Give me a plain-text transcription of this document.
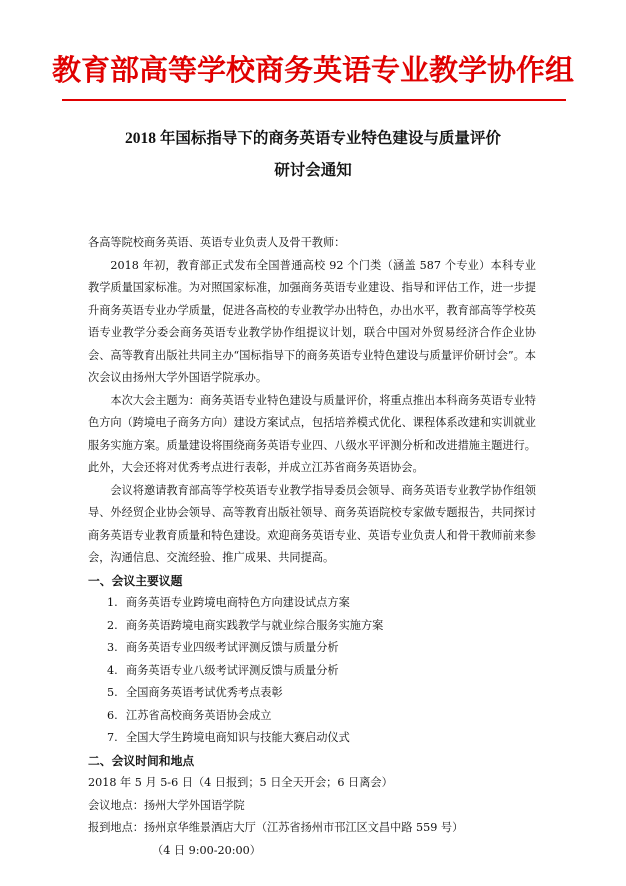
教育部高等学校商务英语专业教学协作组
2018 年国标指导下的商务英语专业特色建设与质量评价
研讨会通知

各高等院校商务英语、英语专业负责人及骨干教师：

2018 年初，教育部正式发布全国普通高校 92 个门类（涵盖 587 个专业）本科专业教学质量国家标准。为对照国家标准，加强商务英语专业建设、指导和评估工作，进一步提升商务英语专业办学质量，促进各高校的专业教学办出特色，办出水平，教育部高等学校英语专业教学分委会商务英语专业教学协作组提议计划，联合中国对外贸易经济合作企业协会、高等教育出版社共同主办“国标指导下的商务英语专业特色建设与质量评价研讨会”。本次会议由扬州大学外国语学院承办。

本次大会主题为：商务英语专业特色建设与质量评价，将重点推出本科商务英语专业特色方向（跨境电子商务方向）建设方案试点，包括培养模式优化、课程体系改建和实训就业服务实施方案。质量建设将围绕商务英语专业四、八级水平评测分析和改进措施主题进行。此外，大会还将对优秀考点进行表彰，并成立江苏省商务英语协会。

会议将邀请教育部高等学校英语专业教学指导委员会领导、商务英语专业教学协作组领导、外经贸企业协会领导、高等教育出版社领导、商务英语院校专家做专题报告，共同探讨商务英语专业教育质量和特色建设。欢迎商务英语专业、英语专业负责人和骨干教师前来参会，沟通信息、交流经验、推广成果、共同提高。

一、会议主要议题

1. 商务英语专业跨境电商特色方向建设试点方案
2. 商务英语跨境电商实践教学与就业综合服务实施方案
3. 商务英语专业四级考试评测反馈与质量分析
4. 商务英语专业八级考试评测反馈与质量分析
5. 全国商务英语考试优秀考点表彰
6. 江苏省高校商务英语协会成立
7. 全国大学生跨境电商知识与技能大赛启动仪式

二、会议时间和地点

2018 年 5 月 5-6 日（4 日报到；5 日全天开会；6 日离会）

会议地点：扬州大学外国语学院

报到地点：扬州京华维景酒店大厅（江苏省扬州市邗江区文昌中路 559 号）

（4 日 9:00-20:00）
